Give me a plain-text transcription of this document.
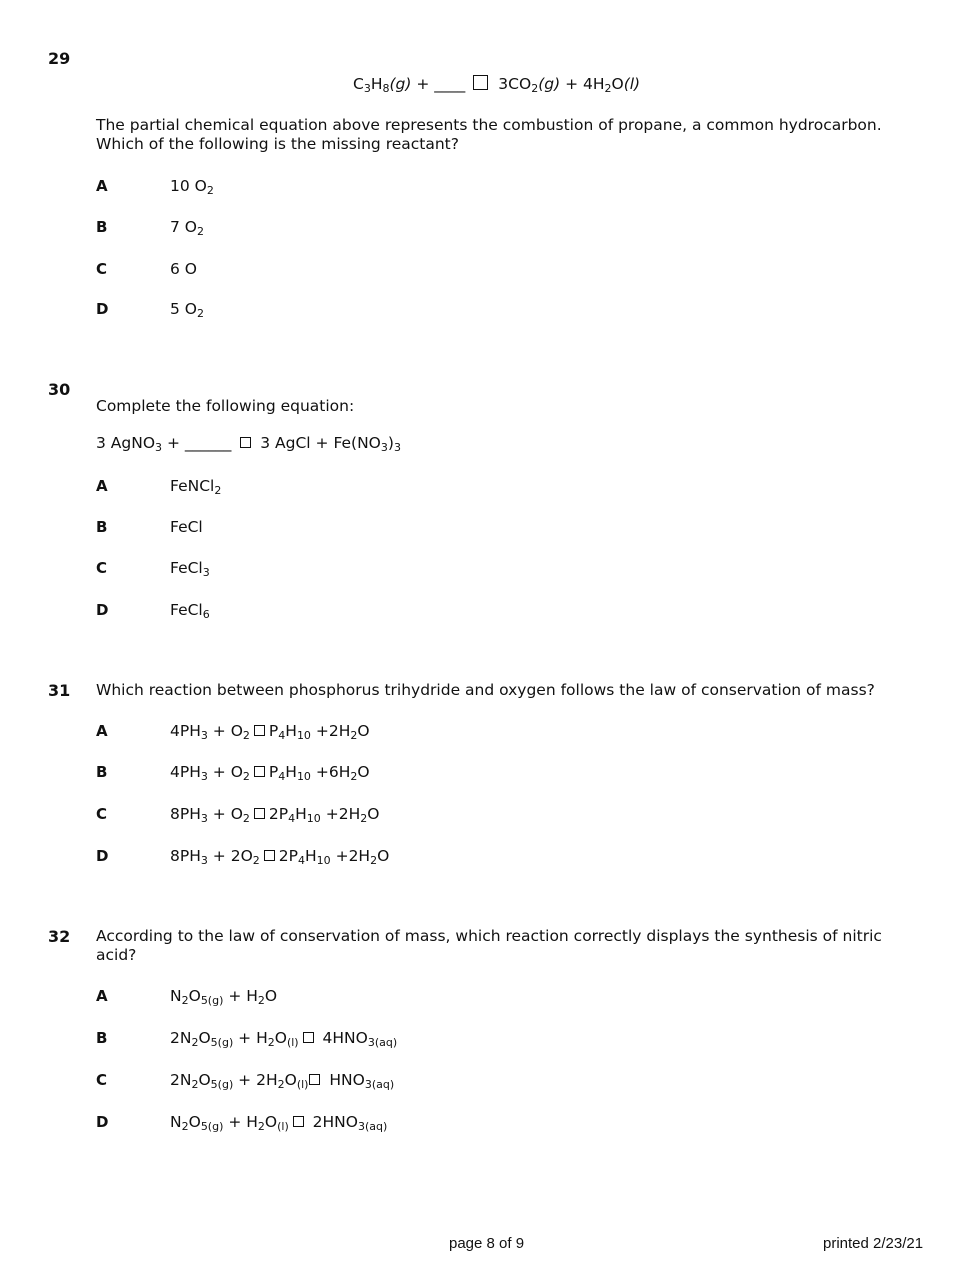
29
$C_3H_8(g)$ + ____ $3CO_2(g) + 4H_2O(l)$
The partial chemical equation above represents the combustion of propane, a common hydrocarbon.
Which of the following is the missing reactant?
A	10 $O_2$
B	7 $O_2$
C	6 O
D	5 $O_2$
30
Complete the following equation:
3 AgNO$_3$ + ______  3 AgCl + $Fe(NO_3)_3$
A	FeNCl$_2$
B	FeCl
C	FeCl$_3$
D	FeCl$_6$
31 Which reaction between phosphorus trihydride and oxygen follows the law of conservation of mass?
A	$4PH_3 + O_2$ $P_4H_{10} +2H_2O$
B	$4PH_3 + O_2$ $P_4H_{10} +6H_2O$
C	$8PH_3 + O_2$ $2P_4H_{10} +2H_2O$
D	$8PH_3 + 2O_2$ $2P_4H_{10} +2H_2O$
32 According to the law of conservation of mass, which reaction correctly displays the synthesis of nitric
acid?
A	$N_2O_{5(g)} + H_2O$
B	$2N_2O_{5(g)} + H_2O_{(l)}$ $4HNO_{3(aq)}$
C	$2N_2O_{5(g)} + 2H_2O_{(l)}$ $HNO_{3(aq)}$
D	$N_2O_{5(g)} + H_2O_{(l)}$ $2HNO_{3(aq)}$
page 8 of 9	printed 2/23/21
